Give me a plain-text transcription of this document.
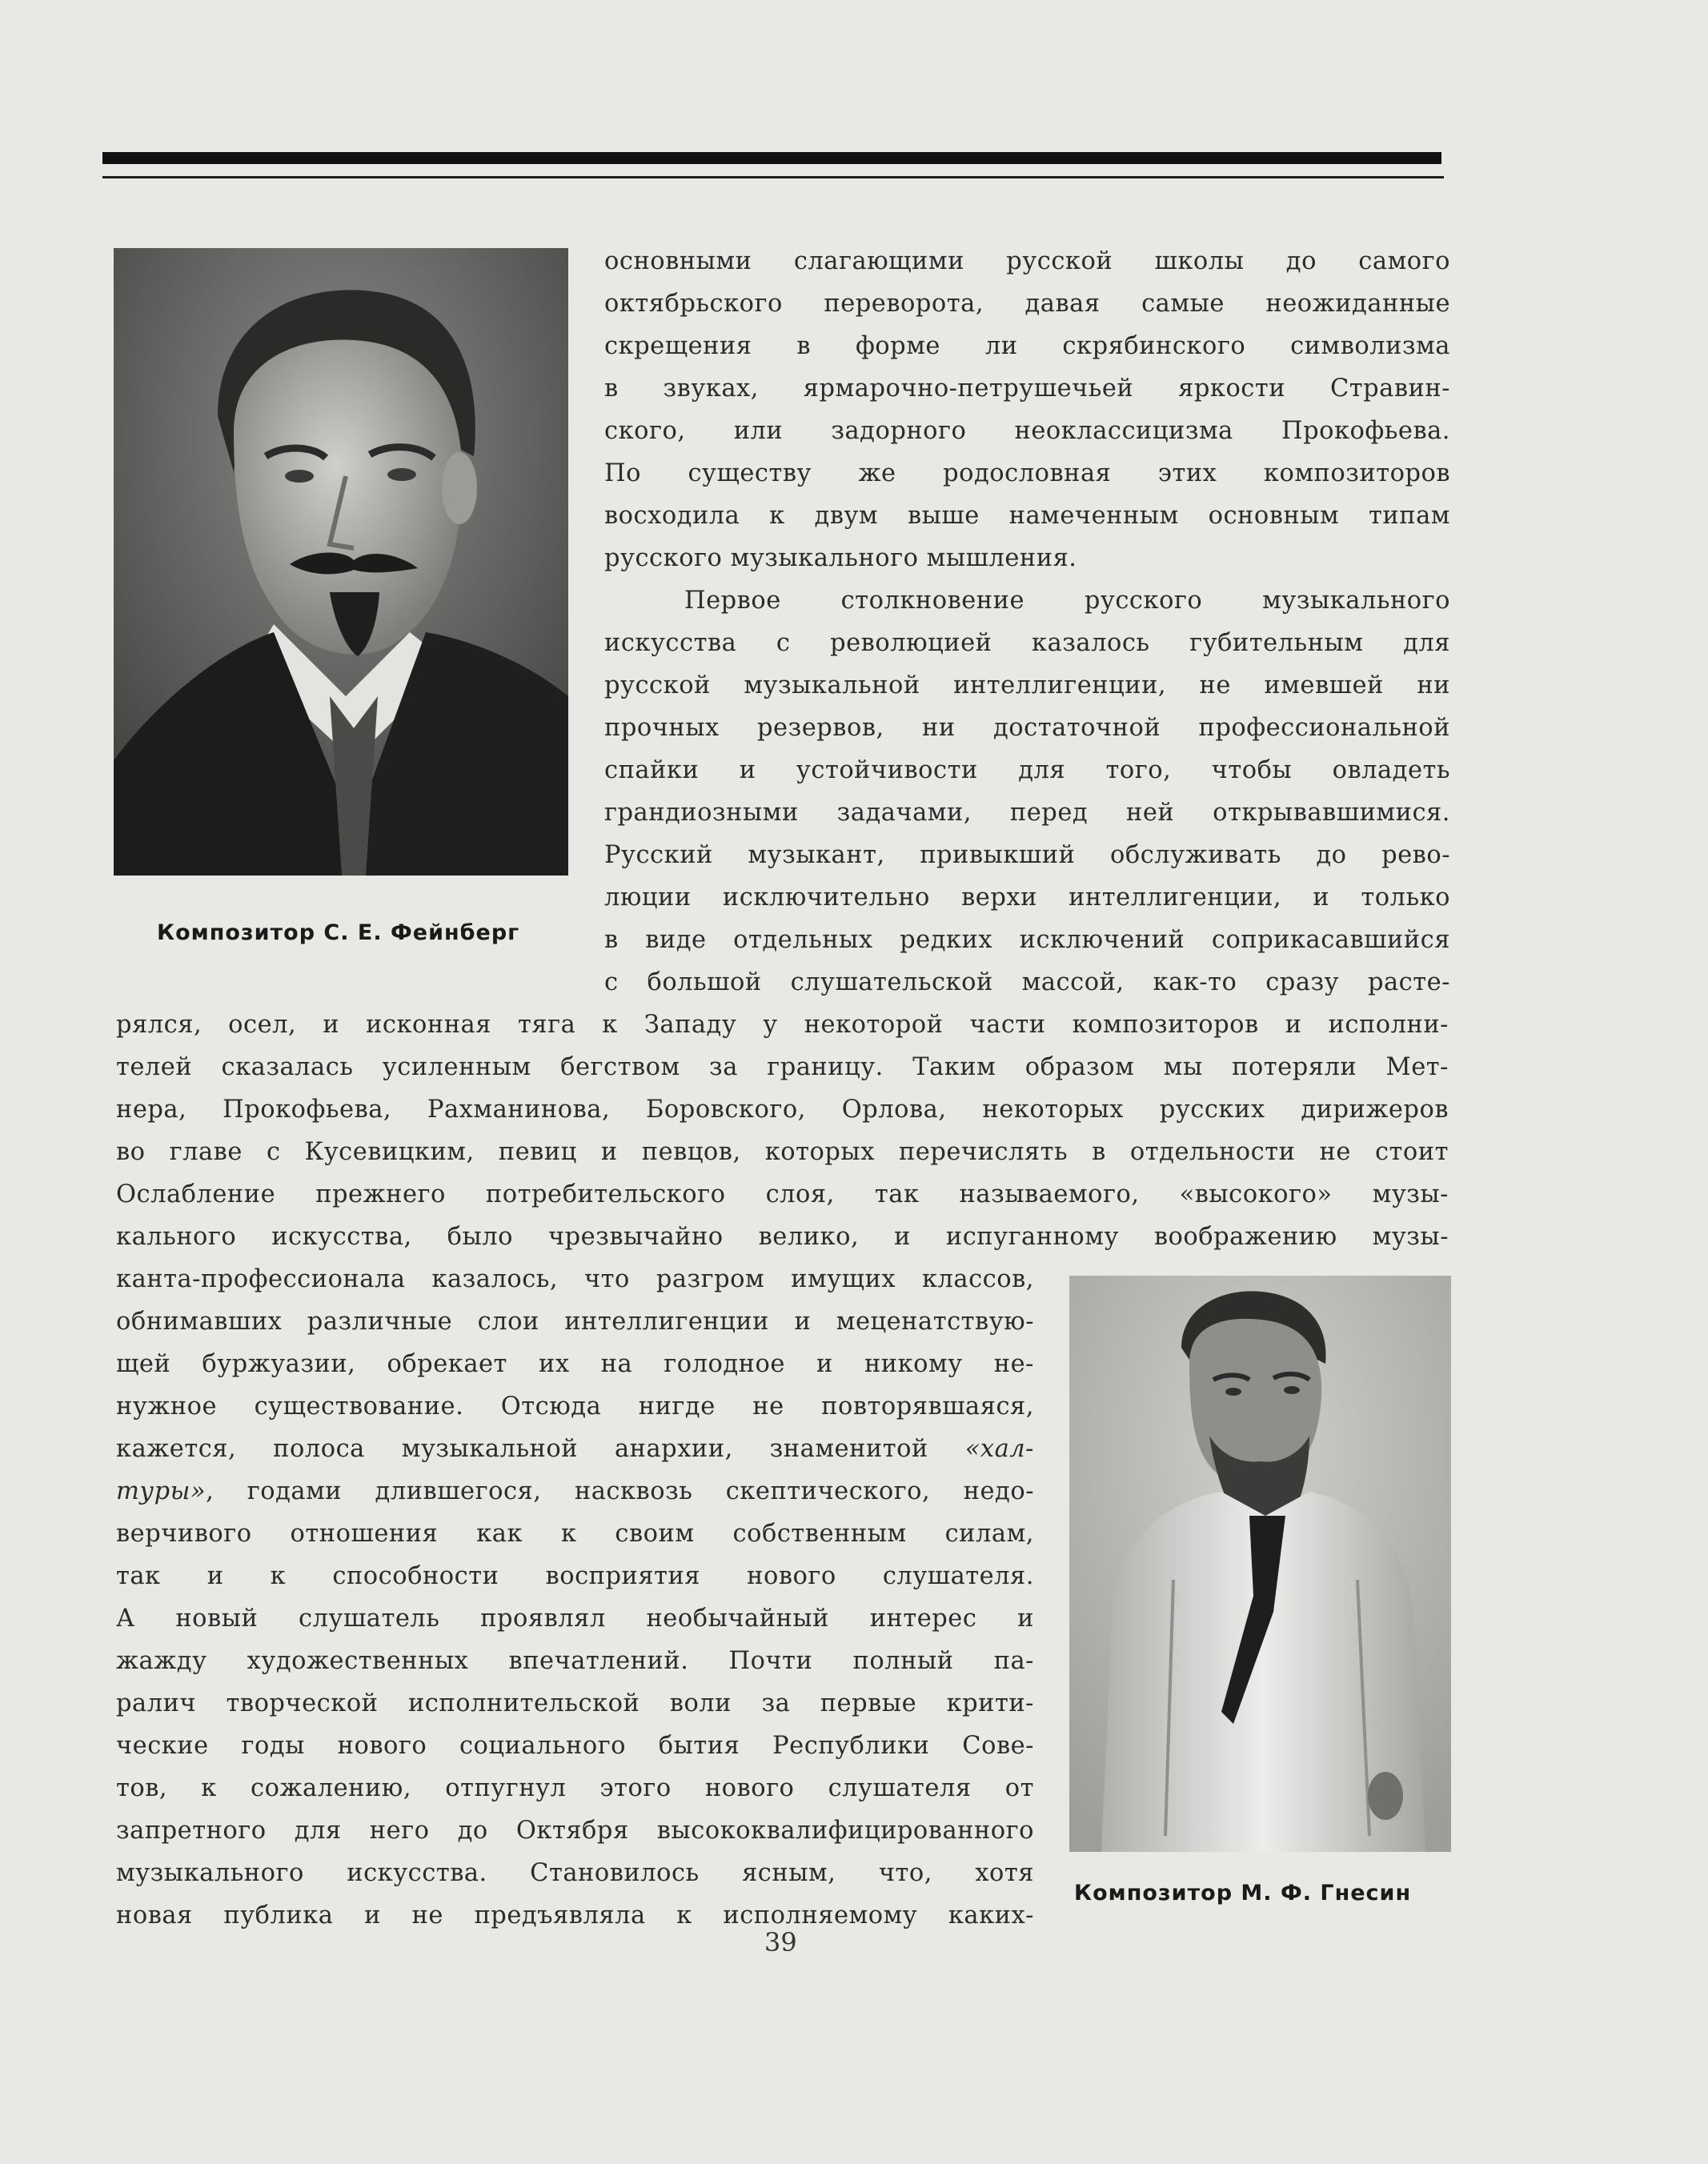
Композитор С. Е. Фейнберг
Композитор М. Ф. Гнесин
основными слагающими русской школы до самого
октябрьского переворота, давая самые неожиданные
скрещения в форме ли скрябинского символизма
в звуках, ярмарочно-петрушечьей яркости Стравин-
ского, или задорного неоклассицизма Прокофьева.
По существу же родословная этих композиторов
восходила к двум выше намеченным основным типам
русского музыкального мышления.
Первое столкновение русского музыкального
искусства с революцией казалось губительным для
русской музыкальной интеллигенции, не имевшей ни
прочных резервов, ни достаточной профессиональной
спайки и устойчивости для того, чтобы овладеть
грандиозными задачами, перед ней открывавшимися.
Русский музыкант, привыкший обслуживать до рево-
люции исключительно верхи интеллигенции, и только
в виде отдельных редких исключений соприкасавшийся
с большой слушательской массой, как-то сразу расте-
рялся, осел, и исконная тяга к Западу у некоторой части композиторов и исполни-
телей сказалась усиленным бегством за границу. Таким образом мы потеряли Мет-
нера, Прокофьева, Рахманинова, Боровского, Орлова, некоторых русских дирижеров
во главе с Кусевицким, певиц и певцов, которых перечислять в отдельности не стоит
Ослабление прежнего потребительского слоя, так называемого, «высокого» музы-
кального искусства, было чрезвычайно велико, и испуганному воображению музы-
канта-профессионала казалось, что разгром имущих классов,
обнимавших различные слои интеллигенции и меценатствую-
щей буржуазии, обрекает их на голодное и никому не-
нужное существование. Отсюда нигде не повторявшаяся,
кажется, полоса музыкальной анархии, знаменитой «хал-
туры», годами длившегося, насквозь скептического, недо-
верчивого отношения как к своим собственным силам,
так и к способности восприятия нового слушателя.
А новый слушатель проявлял необычайный интерес и
жажду художественных впечатлений. Почти полный па-
ралич творческой исполнительской воли за первые крити-
ческие годы нового социального бытия Республики Сове-
тов, к сожалению, отпугнул этого нового слушателя от
запретного для него до Октября высококвалифицированного
музыкального искусства. Становилось ясным, что, хотя
новая публика и не предъявляла к исполняемому каких-
39
